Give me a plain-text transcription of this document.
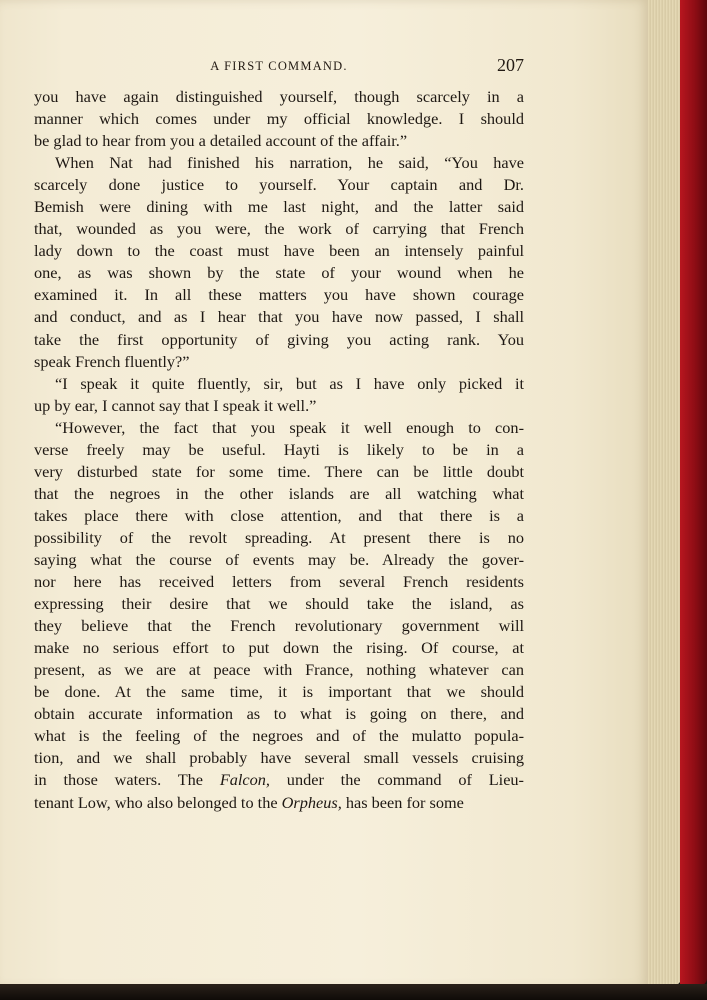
A FIRST COMMAND.	207

you have again distinguished yourself, though scarcely in a

manner which comes under my official knowledge. I should

be glad to hear from you a detailed account of the affair.”

When Nat had finished his narration, he said, “You have

scarcely done justice to yourself. Your captain and Dr.

Bemish were dining with me last night, and the latter said

that, wounded as you were, the work of carrying that French

lady down to the coast must have been an intensely painful

one, as was shown by the state of your wound when he

examined it. In all these matters you have shown courage

and conduct, and as I hear that you have now passed, I shall

take the first opportunity of giving you acting rank. You

speak French fluently?”

“I speak it quite fluently, sir, but as I have only picked it

up by ear, I cannot say that I speak it well.”

“However, the fact that you speak it well enough to con-

verse freely may be useful. Hayti is likely to be in a

very disturbed state for some time. There can be little doubt

that the negroes in the other islands are all watching what

takes place there with close attention, and that there is a

possibility of the revolt spreading. At present there is no

saying what the course of events may be. Already the gover-

nor here has received letters from several French residents

expressing their desire that we should take the island, as

they believe that the French revolutionary government will

make no serious effort to put down the rising. Of course, at

present, as we are at peace with France, nothing whatever can

be done. At the same time, it is important that we should

obtain accurate information as to what is going on there, and

what is the feeling of the negroes and of the mulatto popula-

tion, and we shall probably have several small vessels cruising

in those waters. The Falcon, under the command of Lieu-

tenant Low, who also belonged to the Orpheus, has been for some
